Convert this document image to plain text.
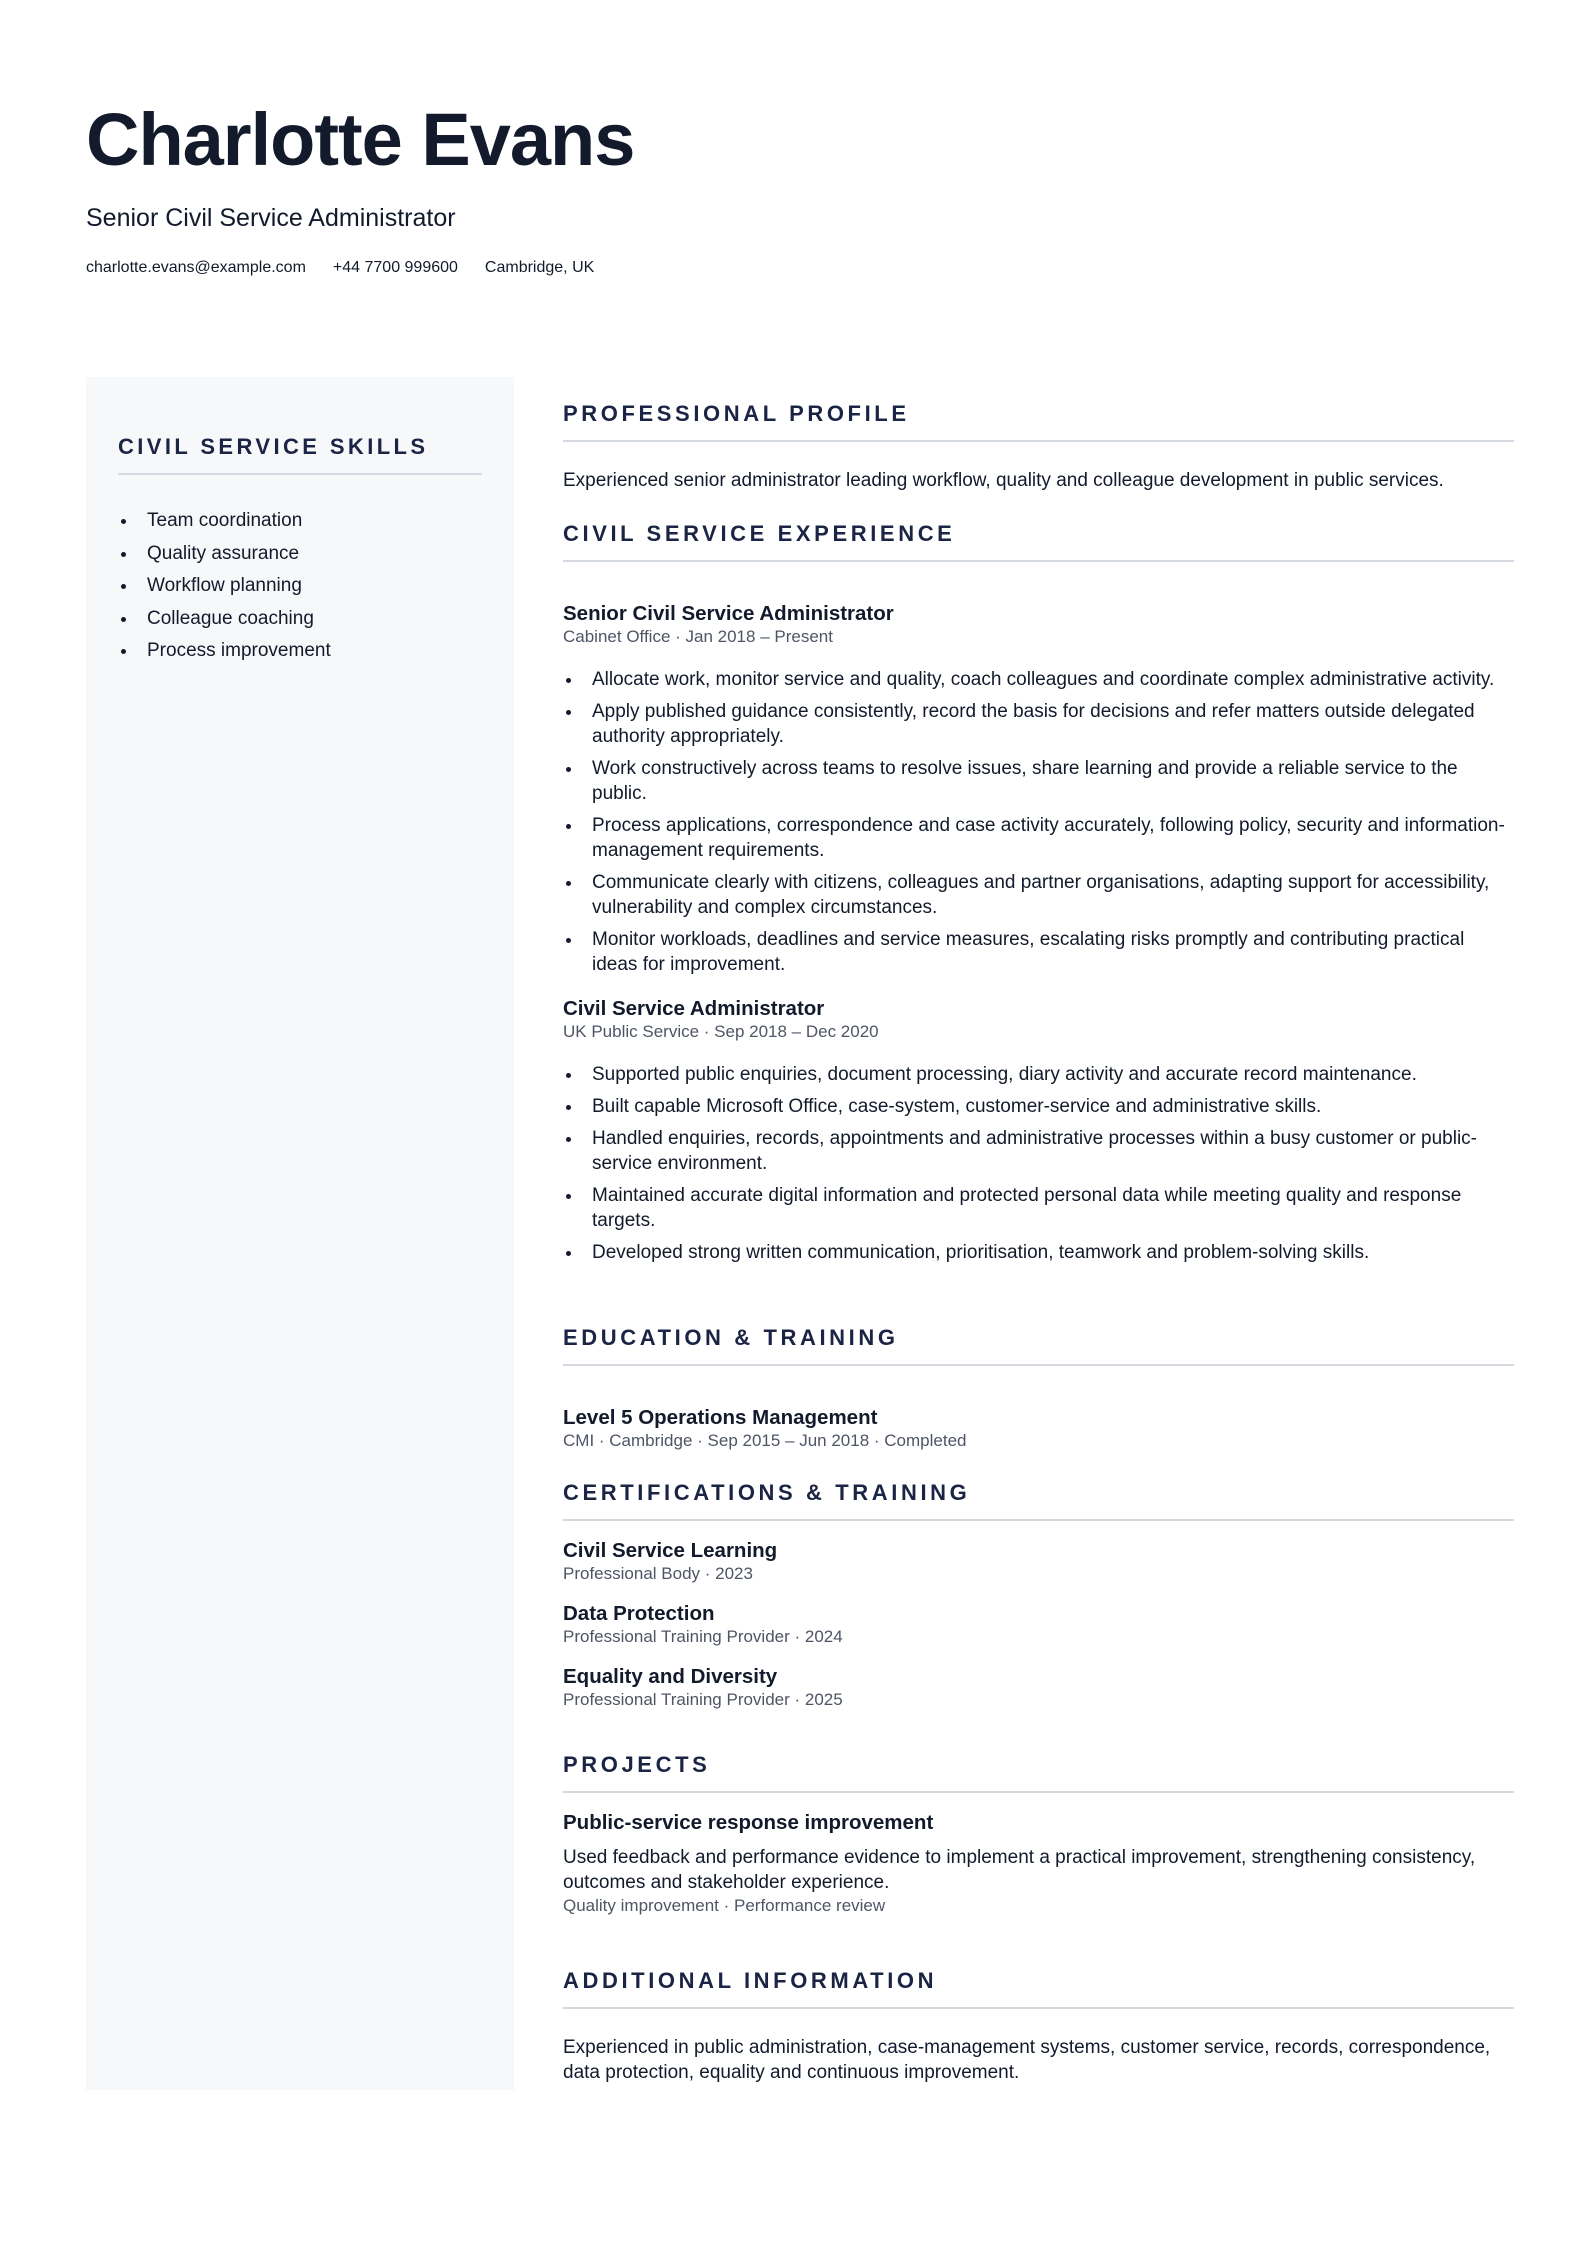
Charlotte Evans

Senior Civil Service Administrator

charlotte.evans@example.com +44 7700 999600 Cambridge, UK
CIVIL SERVICE SKILLS
Team coordination
Quality assurance
Workflow planning
Colleague coaching
Process improvement
PROFESSIONAL PROFILE

Experienced senior administrator leading workflow, quality and colleague development in public services.

CIVIL SERVICE EXPERIENCE

Senior Civil Service Administrator

Cabinet Office · Jan 2018 – Present

Allocate work, monitor service and quality, coach colleagues and coordinate complex administrative activity.
Apply published guidance consistently, record the basis for decisions and refer matters outside delegated authority appropriately.
Work constructively across teams to resolve issues, share learning and provide a reliable service to the public.
Process applications, correspondence and case activity accurately, following policy, security and information-management requirements.
Communicate clearly with citizens, colleagues and partner organisations, adapting support for accessibility, vulnerability and complex circumstances.
Monitor workloads, deadlines and service measures, escalating risks promptly and contributing practical ideas for improvement.

Civil Service Administrator

UK Public Service · Sep 2018 – Dec 2020

Supported public enquiries, document processing, diary activity and accurate record maintenance.
Built capable Microsoft Office, case-system, customer-service and administrative skills.
Handled enquiries, records, appointments and administrative processes within a busy customer or public-service environment.
Maintained accurate digital information and protected personal data while meeting quality and response targets.
Developed strong written communication, prioritisation, teamwork and problem-solving skills.
EDUCATION & TRAINING

Level 5 Operations Management

CMI · Cambridge · Sep 2015 – Jun 2018 · Completed

CERTIFICATIONS & TRAINING

Civil Service Learning

Professional Body · 2023

Data Protection

Professional Training Provider · 2024

Equality and Diversity

Professional Training Provider · 2025

PROJECTS

Public-service response improvement

Used feedback and performance evidence to implement a practical improvement, strengthening consistency, outcomes and stakeholder experience.

Quality improvement · Performance review

ADDITIONAL INFORMATION

Experienced in public administration, case-management systems, customer service, records, correspondence, data protection, equality and continuous improvement.
